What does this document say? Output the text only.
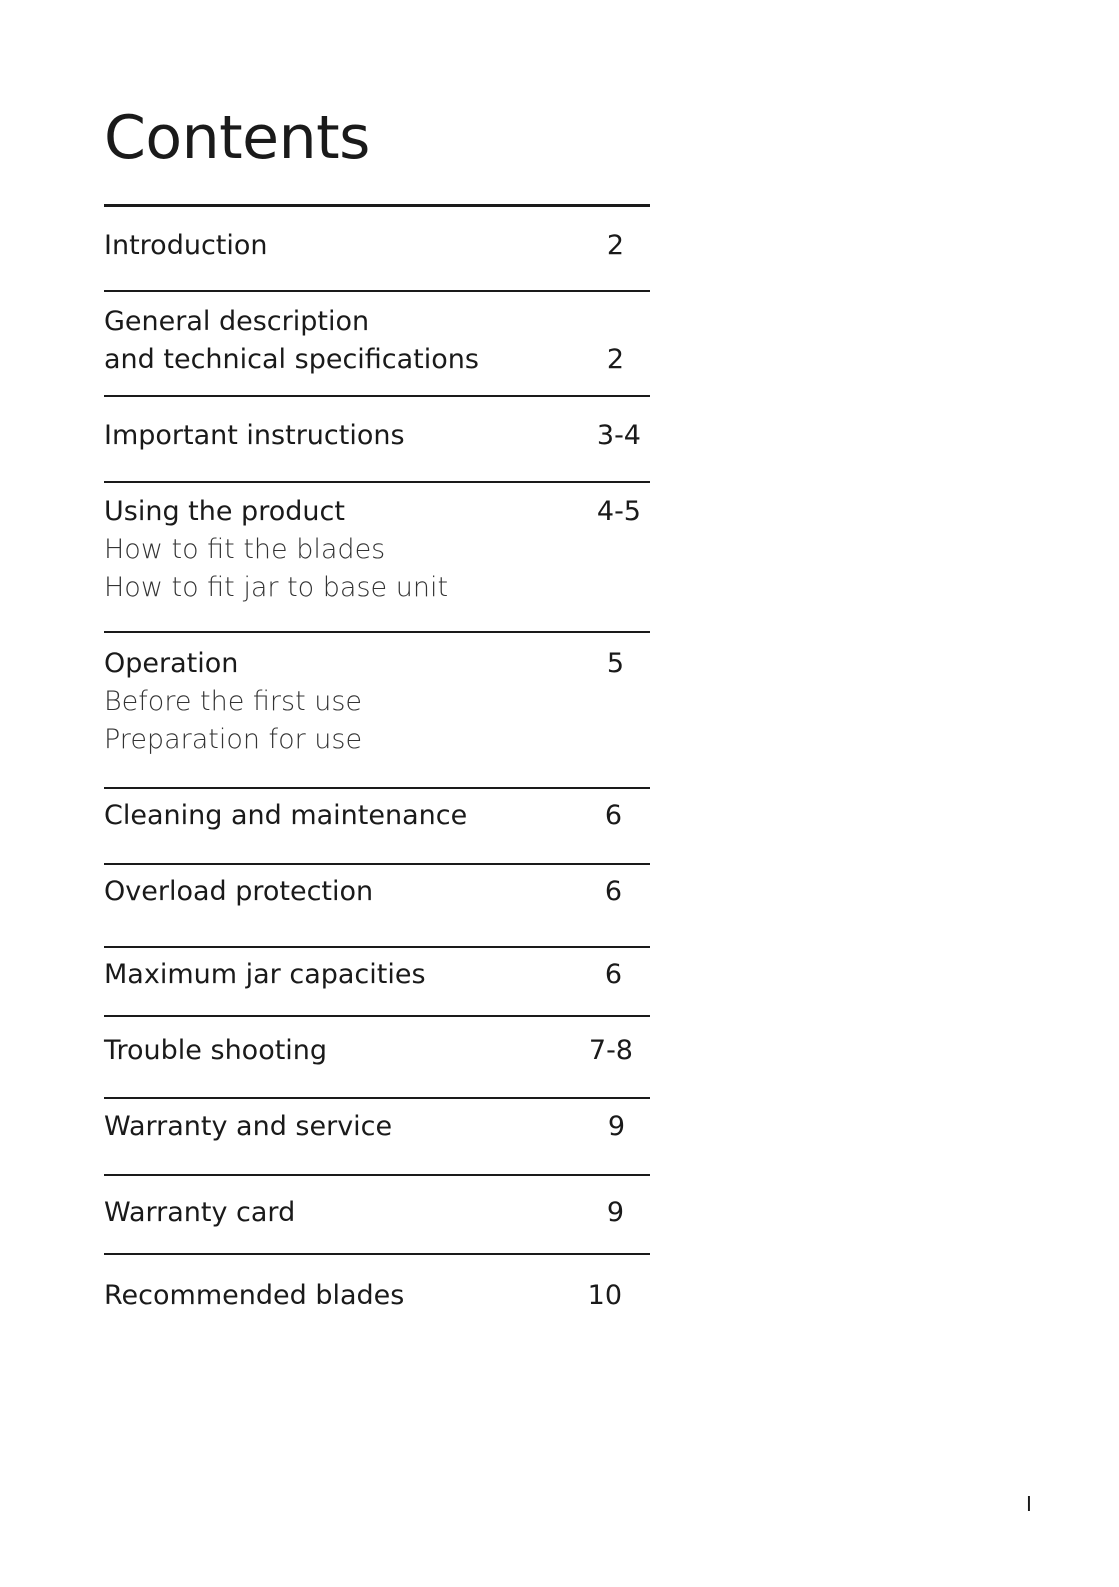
Contents
Introduction	2
General description
and technical specifications	2
Important instructions	3-4
Using the product	4-5
How to fit the blades
How to fit jar to base unit
Operation	5
Before the first use
Preparation for use
Cleaning and maintenance	6
Overload protection	6
Maximum jar capacities	6
Trouble shooting	7-8
Warranty and service	9
Warranty card	9
Recommended blades	10
I
